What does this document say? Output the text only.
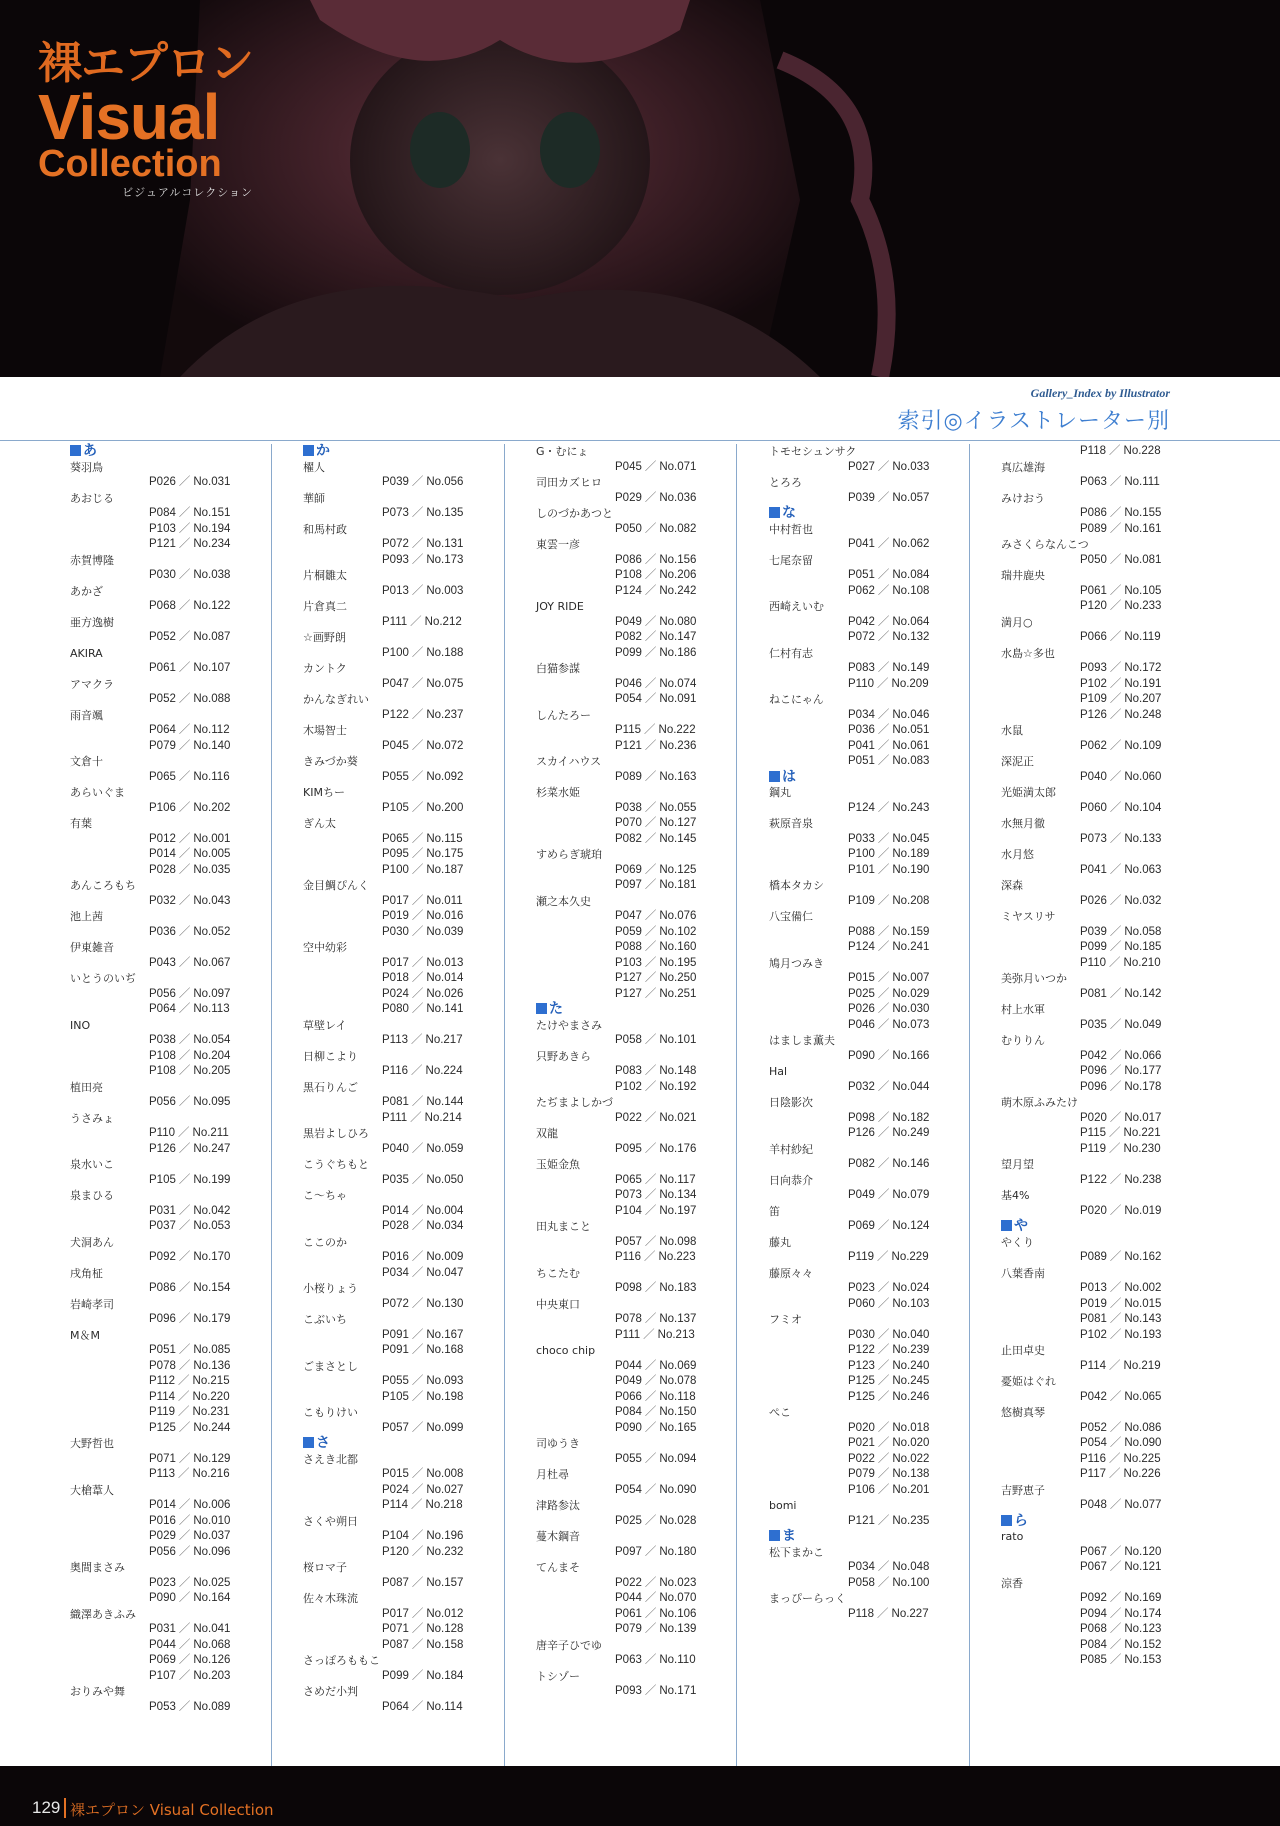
裸エプロン
Visual
Collection
ビジュアルコレクション
Gallery_Index by Illustrator
索引◎イラストレーター別
あ
葵羽鳥
P026 ／ No.031
あおじる
P084 ／ No.151
P103 ／ No.194
P121 ／ No.234
赤賀博隆
P030 ／ No.038
あかざ
P068 ／ No.122
亜方逸樹
P052 ／ No.087
AKIRA
P061 ／ No.107
アマクラ
P052 ／ No.088
雨音颯
P064 ／ No.112
P079 ／ No.140
文倉十
P065 ／ No.116
あらいぐま
P106 ／ No.202
有葉
P012 ／ No.001
P014 ／ No.005
P028 ／ No.035
あんころもち
P032 ／ No.043
池上茜
P036 ／ No.052
伊東雑音
P043 ／ No.067
いとうのいぢ
P056 ／ No.097
P064 ／ No.113
INO
P038 ／ No.054
P108 ／ No.204
P108 ／ No.205
植田亮
P056 ／ No.095
うさみょ
P110 ／ No.211
P126 ／ No.247
泉水いこ
P105 ／ No.199
泉まひる
P031 ／ No.042
P037 ／ No.053
犬洞あん
P092 ／ No.170
戌角柾
P086 ／ No.154
岩崎孝司
P096 ／ No.179
M＆M
P051 ／ No.085
P078 ／ No.136
P112 ／ No.215
P114 ／ No.220
P119 ／ No.231
P125 ／ No.244
大野哲也
P071 ／ No.129
P113 ／ No.216
大槍葦人
P014 ／ No.006
P016 ／ No.010
P029 ／ No.037
P056 ／ No.096
奥間まさみ
P023 ／ No.025
P090 ／ No.164
織澤あきふみ
P031 ／ No.041
P044 ／ No.068
P069 ／ No.126
P107 ／ No.203
おりみや舞
P053 ／ No.089
か
櫂人
P039 ／ No.056
華師
P073 ／ No.135
和馬村政
P072 ／ No.131
P093 ／ No.173
片桐雛太
P013 ／ No.003
片倉真二
P111 ／ No.212
☆画野朗
P100 ／ No.188
カントク
P047 ／ No.075
かんなぎれい
P122 ／ No.237
木場智士
P045 ／ No.072
きみづか葵
P055 ／ No.092
KIMちー
P105 ／ No.200
ぎん太
P065 ／ No.115
P095 ／ No.175
P100 ／ No.187
金目鯛ぴんく
P017 ／ No.011
P019 ／ No.016
P030 ／ No.039
空中幼彩
P017 ／ No.013
P018 ／ No.014
P024 ／ No.026
P080 ／ No.141
草壁レイ
P113 ／ No.217
日柳こより
P116 ／ No.224
黒石りんご
P081 ／ No.144
P111 ／ No.214
黒岩よしひろ
P040 ／ No.059
こうぐちもと
P035 ／ No.050
こ～ちゃ
P014 ／ No.004
P028 ／ No.034
ここのか
P016 ／ No.009
P034 ／ No.047
小桜りょう
P072 ／ No.130
こぶいち
P091 ／ No.167
P091 ／ No.168
ごまさとし
P055 ／ No.093
P105 ／ No.198
こもりけい
P057 ／ No.099
さ
さえき北都
P015 ／ No.008
P024 ／ No.027
P114 ／ No.218
さくや朔日
P104 ／ No.196
P120 ／ No.232
桜ロマ子
P087 ／ No.157
佐々木珠流
P017 ／ No.012
P071 ／ No.128
P087 ／ No.158
さっぽろももこ
P099 ／ No.184
さめだ小判
P064 ／ No.114
G・むにょ
P045 ／ No.071
司田カズヒロ
P029 ／ No.036
しのづかあつと
P050 ／ No.082
東雲一彦
P086 ／ No.156
P108 ／ No.206
P124 ／ No.242
JOY RIDE
P049 ／ No.080
P082 ／ No.147
P099 ／ No.186
白猫参謀
P046 ／ No.074
P054 ／ No.091
しんたろー
P115 ／ No.222
P121 ／ No.236
スカイハウス
P089 ／ No.163
杉菜水姫
P038 ／ No.055
P070 ／ No.127
P082 ／ No.145
すめらぎ琥珀
P069 ／ No.125
P097 ／ No.181
瀬之本久史
P047 ／ No.076
P059 ／ No.102
P088 ／ No.160
P103 ／ No.195
P127 ／ No.250
P127 ／ No.251
た
たけやまさみ
P058 ／ No.101
只野あきら
P083 ／ No.148
P102 ／ No.192
たぢまよしかづ
P022 ／ No.021
双龍
P095 ／ No.176
玉姫金魚
P065 ／ No.117
P073 ／ No.134
P104 ／ No.197
田丸まこと
P057 ／ No.098
P116 ／ No.223
ちこたむ
P098 ／ No.183
中央東口
P078 ／ No.137
P111 ／ No.213
choco chip
P044 ／ No.069
P049 ／ No.078
P066 ／ No.118
P084 ／ No.150
P090 ／ No.165
司ゆうき
P055 ／ No.094
月杜尋
P054 ／ No.090
津路参汰
P025 ／ No.028
蔓木鋼音
P097 ／ No.180
てんまそ
P022 ／ No.023
P044 ／ No.070
P061 ／ No.106
P079 ／ No.139
唐辛子ひでゆ
P063 ／ No.110
トシゾー
P093 ／ No.171
トモセシュンサク
P027 ／ No.033
とろろ
P039 ／ No.057
な
中村哲也
P041 ／ No.062
七尾奈留
P051 ／ No.084
P062 ／ No.108
西崎えいむ
P042 ／ No.064
P072 ／ No.132
仁村有志
P083 ／ No.149
P110 ／ No.209
ねこにゃん
P034 ／ No.046
P036 ／ No.051
P041 ／ No.061
P051 ／ No.083
は
鋼丸
P124 ／ No.243
萩原音泉
P033 ／ No.045
P100 ／ No.189
P101 ／ No.190
橋本タカシ
P109 ／ No.208
八宝備仁
P088 ／ No.159
P124 ／ No.241
鳩月つみき
P015 ／ No.007
P025 ／ No.029
P026 ／ No.030
P046 ／ No.073
はましま薫夫
P090 ／ No.166
Hal
P032 ／ No.044
日陰影次
P098 ／ No.182
P126 ／ No.249
羊村紗紀
P082 ／ No.146
日向恭介
P049 ／ No.079
笛
P069 ／ No.124
藤丸
P119 ／ No.229
藤原々々
P023 ／ No.024
P060 ／ No.103
フミオ
P030 ／ No.040
P122 ／ No.239
P123 ／ No.240
P125 ／ No.245
P125 ／ No.246
ぺこ
P020 ／ No.018
P021 ／ No.020
P022 ／ No.022
P079 ／ No.138
P106 ／ No.201
bomi
P121 ／ No.235
ま
松下まかこ
P034 ／ No.048
P058 ／ No.100
まっぴーらっく
P118 ／ No.227
P118 ／ No.228
真広雄海
P063 ／ No.111
みけおう
P086 ／ No.155
P089 ／ No.161
みさくらなんこつ
P050 ／ No.081
瑞井鹿央
P061 ／ No.105
P120 ／ No.233
満月○
P066 ／ No.119
水島☆多也
P093 ／ No.172
P102 ／ No.191
P109 ／ No.207
P126 ／ No.248
水鼠
P062 ／ No.109
深泥正
P040 ／ No.060
光姫満太郎
P060 ／ No.104
水無月徹
P073 ／ No.133
水月悠
P041 ／ No.063
深森
P026 ／ No.032
ミヤスリサ
P039 ／ No.058
P099 ／ No.185
P110 ／ No.210
美弥月いつか
P081 ／ No.142
村上水軍
P035 ／ No.049
むりりん
P042 ／ No.066
P096 ／ No.177
P096 ／ No.178
萌木原ふみたけ
P020 ／ No.017
P115 ／ No.221
P119 ／ No.230
望月望
P122 ／ No.238
基4%
P020 ／ No.019
や
やくり
P089 ／ No.162
八葉香南
P013 ／ No.002
P019 ／ No.015
P081 ／ No.143
P102 ／ No.193
止田卓史
P114 ／ No.219
憂姫はぐれ
P042 ／ No.065
悠樹真琴
P052 ／ No.086
P054 ／ No.090
P116 ／ No.225
P117 ／ No.226
吉野恵子
P048 ／ No.077
ら
rato
P067 ／ No.120
P067 ／ No.121
涼香
P092 ／ No.169
P094 ／ No.174
P068 ／ No.123
P084 ／ No.152
P085 ／ No.153
129 裸エプロン Visual Collection
